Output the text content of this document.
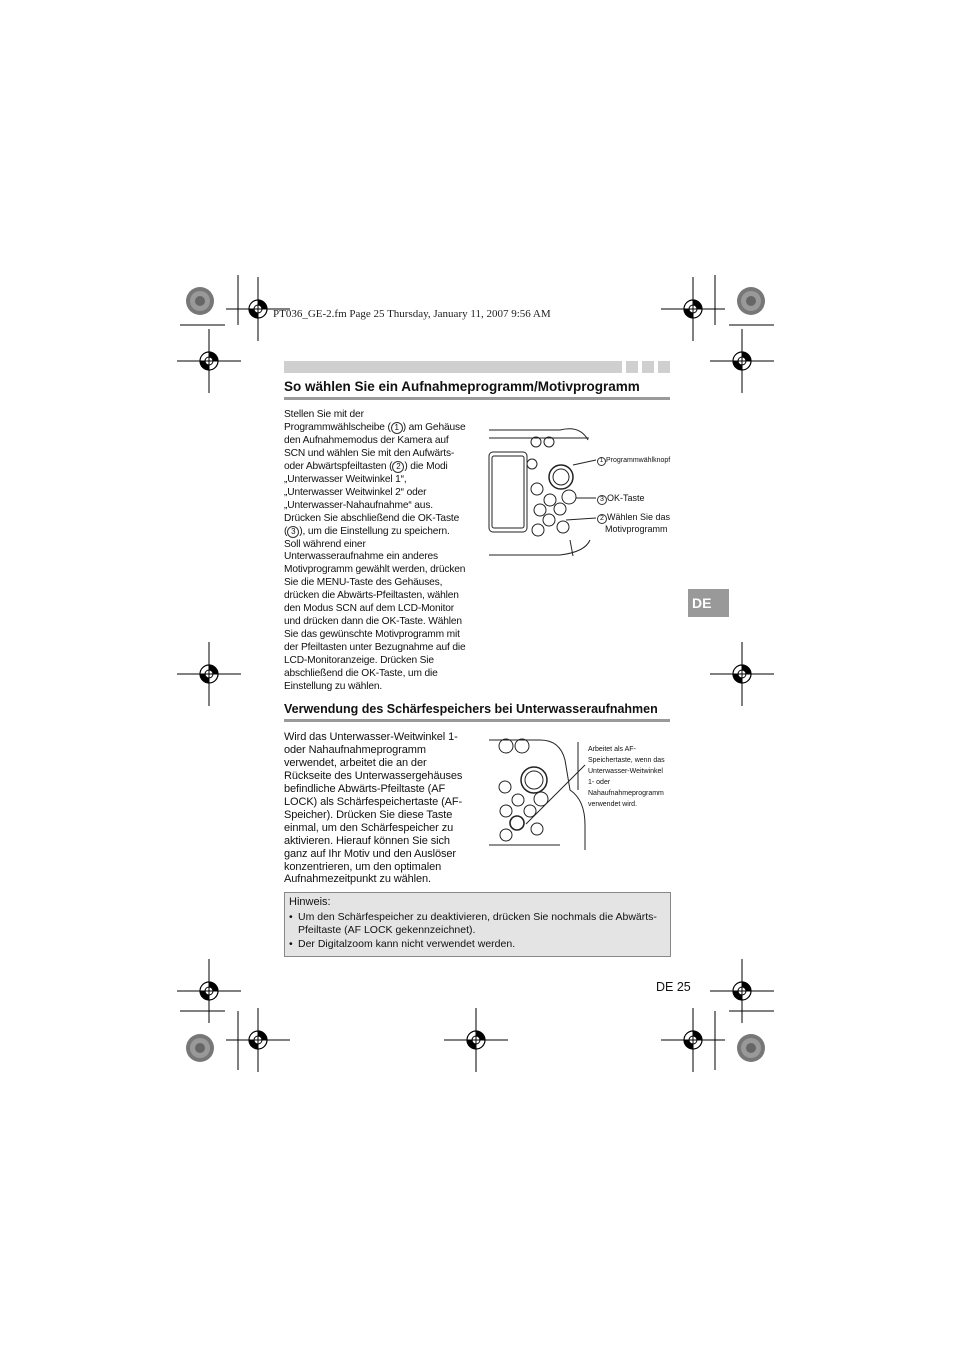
PT036_GE-2.fm Page 25 Thursday, January 11, 2007 9:56 AM
So wählen Sie ein Aufnahmeprogramm/Motivprogramm
Stellen Sie mit der
Programmwählscheibe ( 1 ) am Gehäuse
den Aufnahmemodus der Kamera auf
SCN und wählen Sie mit den Aufwärts-
oder Abwärtspfeiltasten ( 2 ) die Modi
„Unterwasser Weitwinkel 1“,
„Unterwasser Weitwinkel 2“ oder
„Unterwasser-Nahaufnahme“ aus.
Drücken Sie abschließend die OK-Taste
( 3 ), um die Einstellung zu speichern.
Soll während einer
Unterwasseraufnahme ein anderes
Motivprogramm gewählt werden, drücken
Sie die MENU-Taste des Gehäuses,
drücken die Abwärts-Pfeiltasten, wählen
den Modus SCN auf dem LCD-Monitor
und drücken dann die OK-Taste. Wählen
Sie das gewünschte Motivprogramm mit
der Pfeiltasten unter Bezugnahme auf die
LCD-Monitoranzeige. Drücken Sie
abschließend die OK-Taste, um die
Einstellung zu wählen.
1 Programmwählknopf
3 OK-Taste
2 Wählen Sie das
Motivprogramm
DE
Verwendung des Schärfespeichers bei Unterwasseraufnahmen
Wird das Unterwasser-Weitwinkel 1-
oder Nahaufnahmeprogramm
verwendet, arbeitet die an der
Rückseite des Unterwassergehäuses
befindliche Abwärts-Pfeiltaste (AF
LOCK) als Schärfespeichertaste (AF-
Speicher). Drücken Sie diese Taste
einmal, um den Schärfespeicher zu
aktivieren. Hierauf können Sie sich
ganz auf Ihr Motiv und den Auslöser
konzentrieren, um den optimalen
Aufnahmezeitpunkt zu wählen.
Arbeitet als AF-
Speichertaste, wenn das
Unterwasser-Weitwinkel
1- oder
Nahaufnahmeprogramm
verwendet wird.
Hinweis:
• Um den Schärfespeicher zu deaktivieren, drücken Sie nochmals die Abwärts-Pfeiltaste (AF LOCK gekennzeichnet).
• Der Digitalzoom kann nicht verwendet werden.
DE 25
